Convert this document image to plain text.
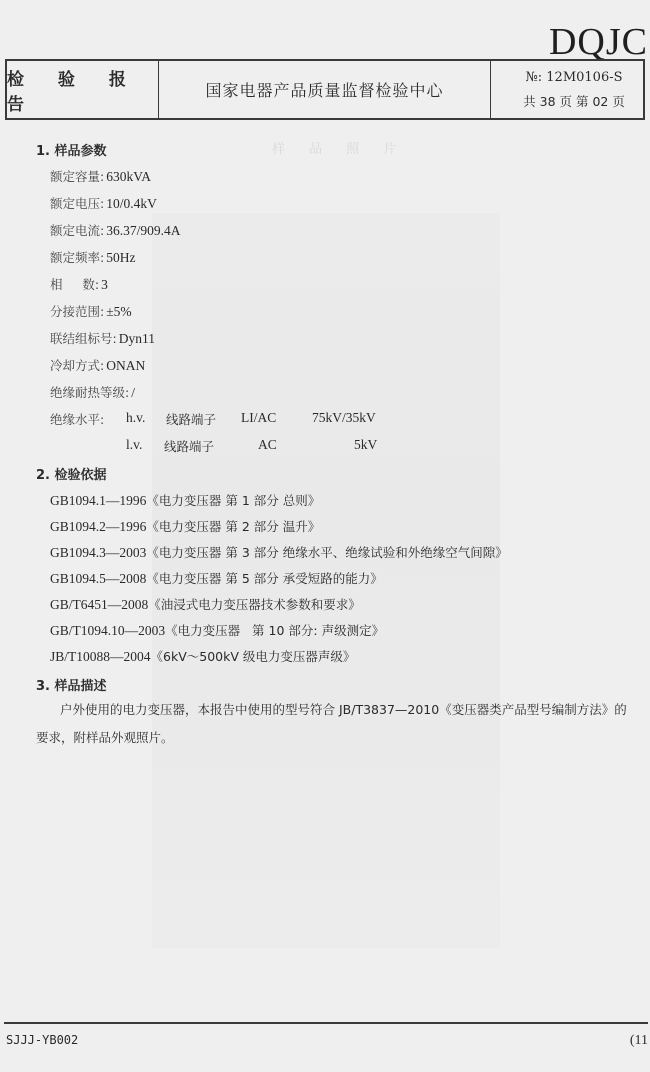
样 品 照 片
DQJC
检 验 报 告
国家电器产品质量监督检验中心
№: 12M0106-S
共 38 页 第 02 页
1. 样品参数
额定容量: 630kVA
额定电压: 10/0.4kV
额定电流: 36.37/909.4A
额定频率: 50Hz
相     数: 3
分接范围: ±5%
联结组标号: Dyn11
冷却方式: ONAN
绝缘耐热等级: /
绝缘水平: h.v. 线路端子 LI/AC	75kV/35kV
l.v. 线路端子	AC	5kV
2. 检验依据
GB1094.1—1996《电力变压器 第 1 部分 总则》
GB1094.2—1996《电力变压器 第 2 部分 温升》
GB1094.3—2003《电力变压器 第 3 部分 绝缘水平、绝缘试验和外绝缘空气间隙》
GB1094.5—2008《电力变压器 第 5 部分 承受短路的能力》
GB/T6451—2008《油浸式电力变压器技术参数和要求》
GB/T1094.10—2003《电力变压器   第 10 部分: 声级测定》
JB/T10088—2004《6kV～500kV 级电力变压器声级》
3. 样品描述
户外使用的电力变压器，本报告中使用的型号符合 JB/T3837—2010《变压器类产品型号编制方法》的要求，附样品外观照片。
SJJJ-YB002	(11
